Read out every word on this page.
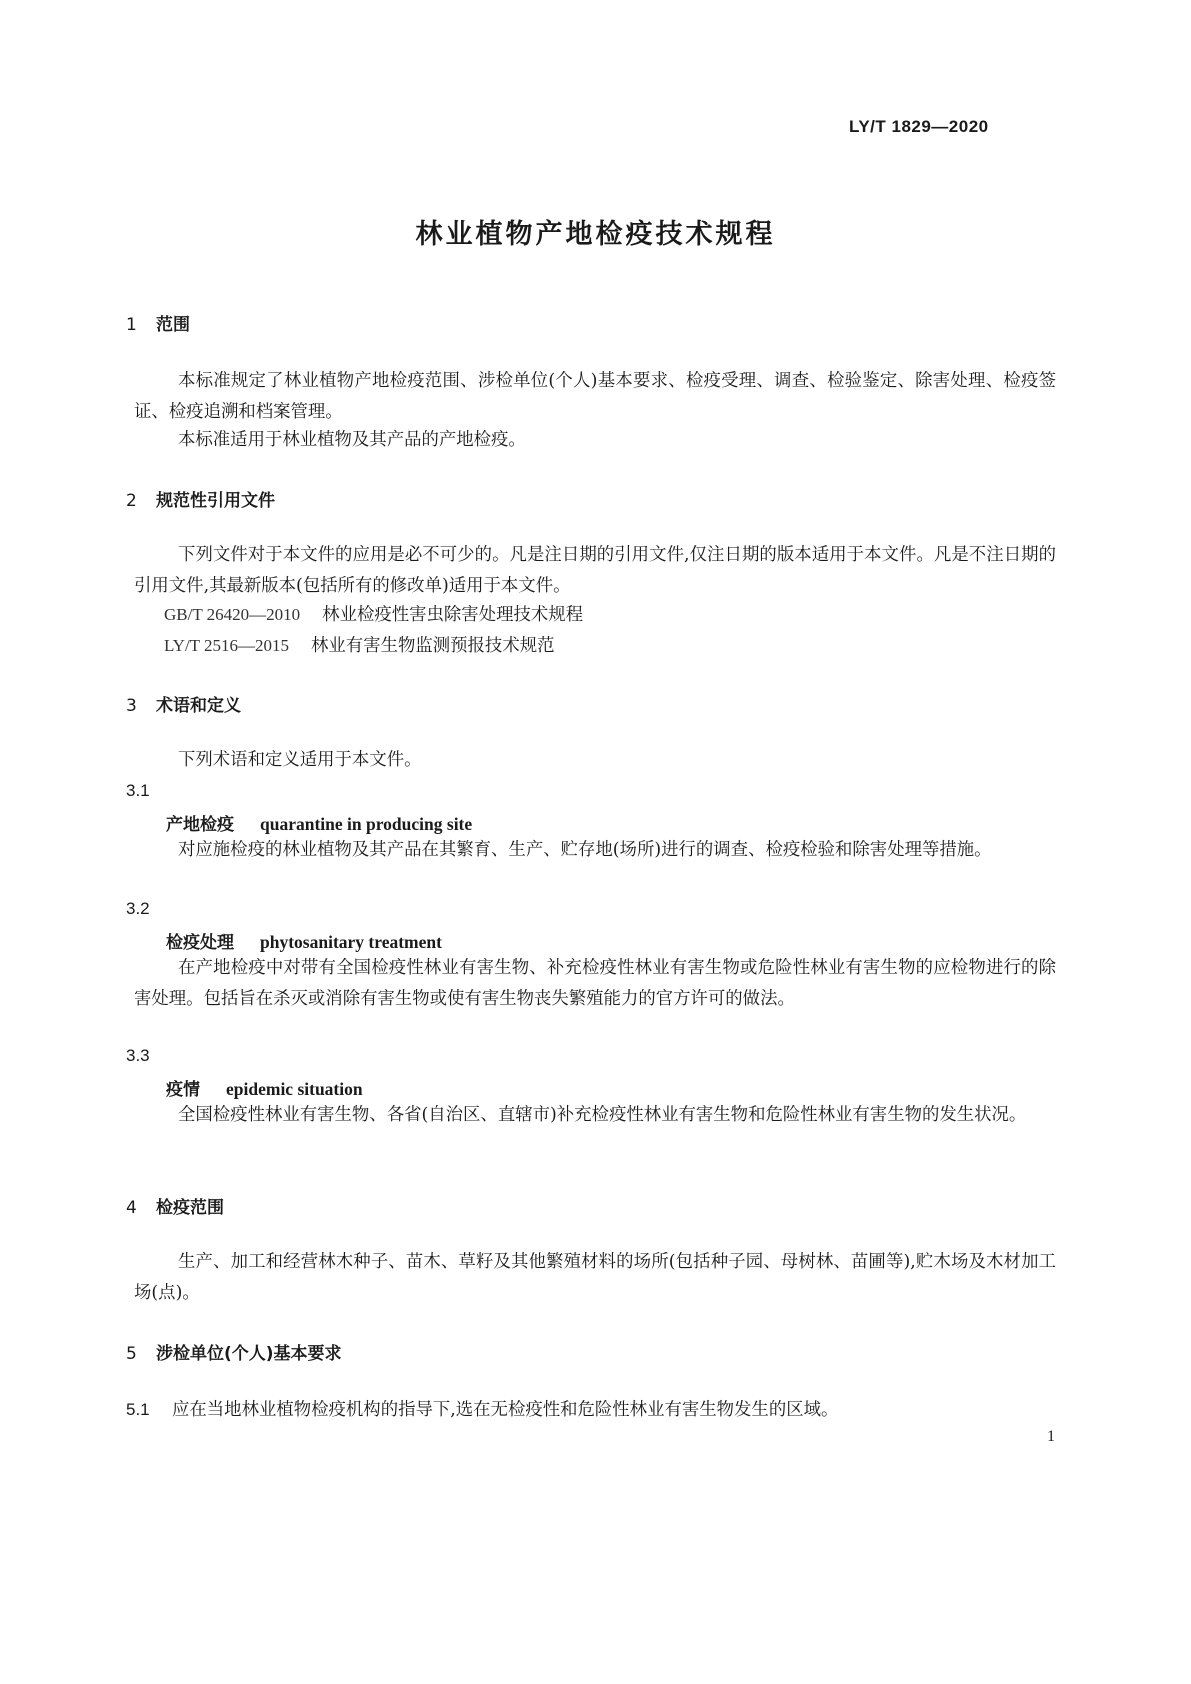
LY/T 1829—2020
林业植物产地检疫技术规程
1 范围
本标准规定了林业植物产地检疫范围、涉检单位(个人)基本要求、检疫受理、调查、检验鉴定、除害处理、检疫签证、检疫追溯和档案管理。
本标准适用于林业植物及其产品的产地检疫。
2 规范性引用文件
下列文件对于本文件的应用是必不可少的。凡是注日期的引用文件,仅注日期的版本适用于本文件。凡是不注日期的引用文件,其最新版本(包括所有的修改单)适用于本文件。
GB/T 26420—2010 林业检疫性害虫除害处理技术规程
LY/T 2516—2015 林业有害生物监测预报技术规范
3 术语和定义
下列术语和定义适用于本文件。
3.1
产地检疫 quarantine in producing site
对应施检疫的林业植物及其产品在其繁育、生产、贮存地(场所)进行的调查、检疫检验和除害处理等措施。
3.2
检疫处理 phytosanitary treatment
在产地检疫中对带有全国检疫性林业有害生物、补充检疫性林业有害生物或危险性林业有害生物的应检物进行的除害处理。包括旨在杀灭或消除有害生物或使有害生物丧失繁殖能力的官方许可的做法。
3.3
疫情 epidemic situation
全国检疫性林业有害生物、各省(自治区、直辖市)补充检疫性林业有害生物和危险性林业有害生物的发生状况。
4 检疫范围
生产、加工和经营林木种子、苗木、草籽及其他繁殖材料的场所(包括种子园、母树林、苗圃等),贮木场及木材加工场(点)。
5 涉检单位(个人)基本要求
5.1 应在当地林业植物检疫机构的指导下,选在无检疫性和危险性林业有害生物发生的区域。
1
